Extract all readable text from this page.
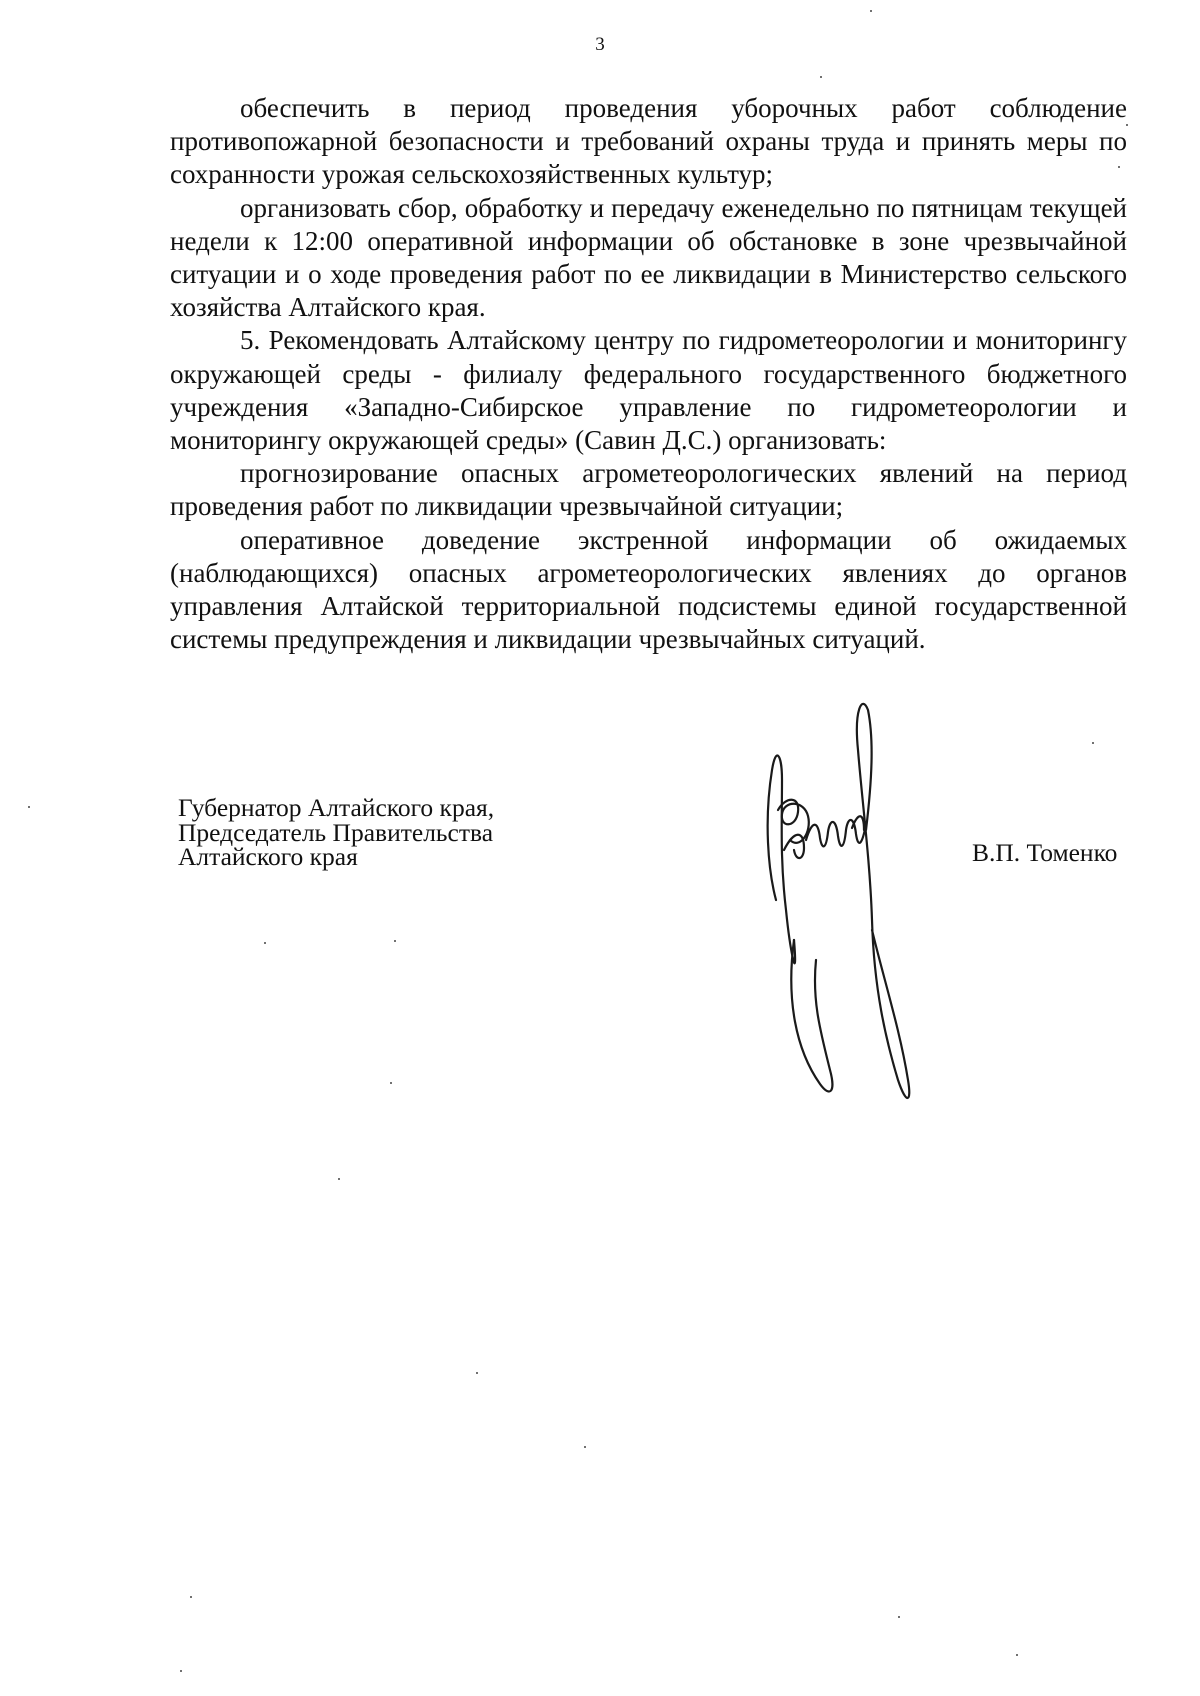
3

обеспечить в период проведения уборочных работ соблюдение противопожарной безопасности и требований охраны труда и принять меры по сохранности урожая сельскохозяйственных культур;

организовать сбор, обработку и передачу еженедельно по пятницам текущей недели к 12:00 оперативной информации об обстановке в зоне чрезвычайной ситуации и о ходе проведения работ по ее ликвидации в Министерство сельского хозяйства Алтайского края.

5. Рекомендовать Алтайскому центру по гидрометеорологии и мониторингу окружающей среды - филиалу федерального государственного бюджетного учреждения «Западно-Сибирское управление по гидрометеорологии и мониторингу окружающей среды» (Савин Д.С.) организовать:

прогнозирование опасных агрометеорологических явлений на период проведения работ по ликвидации чрезвычайной ситуации;

оперативное доведение экстренной информации об ожидаемых (наблюдающихся) опасных агрометеорологических явлениях до органов управления Алтайской территориальной подсистемы единой государственной системы предупреждения и ликвидации чрезвычайных ситуаций.

Губернатор Алтайского края,
Председатель Правительства
Алтайского края	В.П. Томенко
